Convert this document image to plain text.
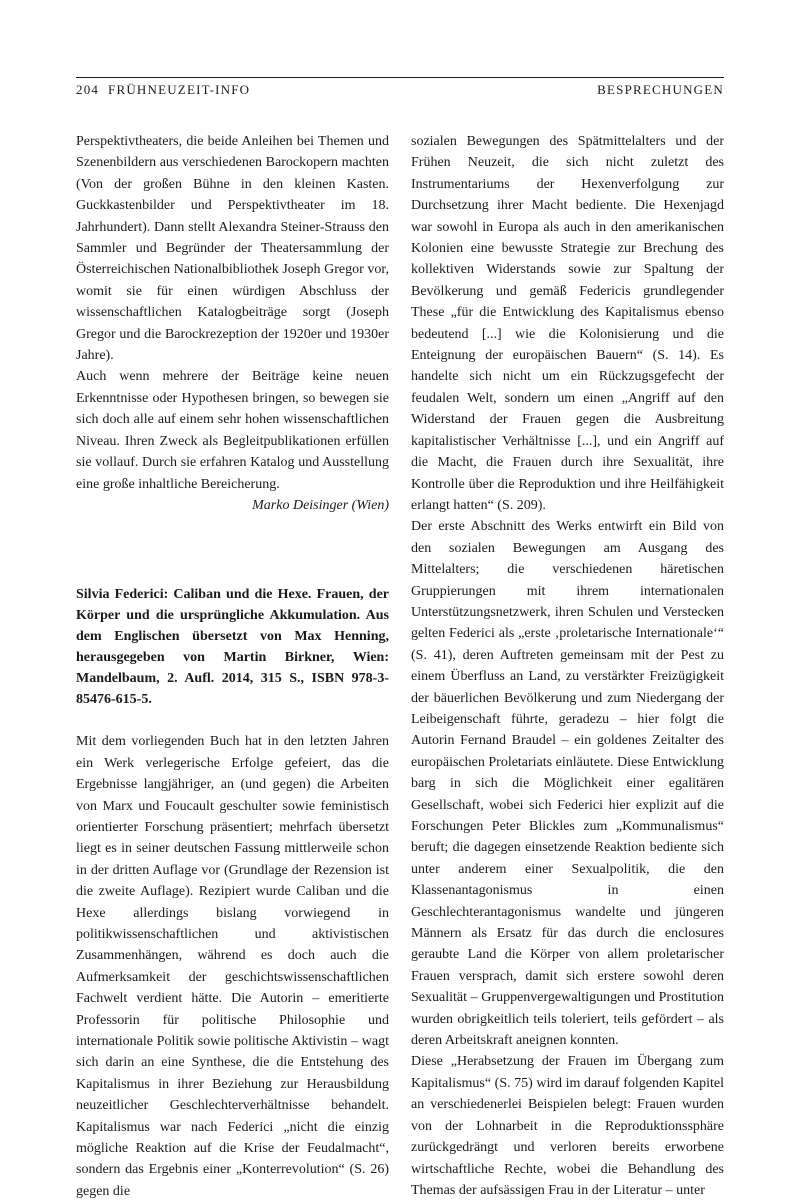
204 FRÜHNEUZEIT-INFO	BESPRECHUNGEN

Perspektivtheaters, die beide Anleihen bei Themen und Szenenbildern aus verschiedenen Barockopern machten (Von der großen Bühne in den kleinen Kasten. Guckkastenbilder und Perspektivtheater im 18. Jahrhundert). Dann stellt Alexandra Steiner-Strauss den Sammler und Begründer der Theatersammlung der Österreichischen Nationalbibliothek Joseph Gregor vor, womit sie für einen würdigen Abschluss der wissenschaftlichen Katalogbeiträge sorgt (Joseph Gregor und die Barockrezeption der 1920er und 1930er Jahre).

Auch wenn mehrere der Beiträge keine neuen Erkenntnisse oder Hypothesen bringen, so bewegen sie sich doch alle auf einem sehr hohen wissenschaftlichen Niveau. Ihren Zweck als Begleitpublikationen erfüllen sie vollauf. Durch sie erfahren Katalog und Ausstellung eine große inhaltliche Bereicherung.

Marko Deisinger (Wien)

Silvia Federici: Caliban und die Hexe. Frauen, der Körper und die ursprüngliche Akkumulation. Aus dem Englischen übersetzt von Max Henning, herausgegeben von Martin Birkner, Wien: Mandelbaum, 2. Aufl. 2014, 315 S., ISBN 978-3-85476-615-5.

Mit dem vorliegenden Buch hat in den letzten Jahren ein Werk verlegerische Erfolge gefeiert, das die Ergebnisse langjähriger, an (und gegen) die Arbeiten von Marx und Foucault geschulter sowie feministisch orientierter Forschung präsentiert; mehrfach übersetzt liegt es in seiner deutschen Fassung mittlerweile schon in der dritten Auflage vor (Grundlage der Rezension ist die zweite Auflage). Rezipiert wurde Caliban und die Hexe allerdings bislang vorwiegend in politikwissenschaftlichen und aktivistischen Zusammenhängen, während es doch auch die Aufmerksamkeit der geschichtswissenschaftlichen Fachwelt verdient hätte. Die Autorin – emeritierte Professorin für politische Philosophie und internationale Politik sowie politische Aktivistin – wagt sich darin an eine Synthese, die die Entstehung des Kapitalismus in ihrer Beziehung zur Herausbildung neuzeitlicher Geschlechterverhältnisse behandelt. Kapitalismus war nach Federici „nicht die einzig mögliche Reaktion auf die Krise der Feudalmacht“, sondern das Ergebnis einer „Konterrevolution“ (S. 26) gegen die

sozialen Bewegungen des Spätmittelalters und der Frühen Neuzeit, die sich nicht zuletzt des Instrumentariums der Hexenverfolgung zur Durchsetzung ihrer Macht bediente. Die Hexenjagd war sowohl in Europa als auch in den amerikanischen Kolonien eine bewusste Strategie zur Brechung des kollektiven Widerstands sowie zur Spaltung der Bevölkerung und gemäß Federicis grundlegender These „für die Entwicklung des Kapitalismus ebenso bedeutend [...] wie die Kolonisierung und die Enteignung der europäischen Bauern“ (S. 14). Es handelte sich nicht um ein Rückzugsgefecht der feudalen Welt, sondern um einen „Angriff auf den Widerstand der Frauen gegen die Ausbreitung kapitalistischer Verhältnisse [...], und ein Angriff auf die Macht, die Frauen durch ihre Sexualität, ihre Kontrolle über die Reproduktion und ihre Heilfähigkeit erlangt hatten“ (S. 209).

Der erste Abschnitt des Werks entwirft ein Bild von den sozialen Bewegungen am Ausgang des Mittelalters; die verschiedenen häretischen Gruppierungen mit ihrem internationalen Unterstützungsnetzwerk, ihren Schulen und Verstecken gelten Federici als „erste ‚proletarische Internationale‘“ (S. 41), deren Auftreten gemeinsam mit der Pest zu einem Überfluss an Land, zu verstärkter Freizügigkeit der bäuerlichen Bevölkerung und zum Niedergang der Leibeigenschaft führte, geradezu – hier folgt die Autorin Fernand Braudel – ein goldenes Zeitalter des europäischen Proletariats einläutete. Diese Entwicklung barg in sich die Möglichkeit einer egalitären Gesellschaft, wobei sich Federici hier explizit auf die Forschungen Peter Blickles zum „Kommunalismus“ beruft; die dagegen einsetzende Reaktion bediente sich unter anderem einer Sexualpolitik, die den Klassenantagonismus in einen Geschlechterantagonismus wandelte und jüngeren Männern als Ersatz für das durch die enclosures geraubte Land die Körper von allem proletarischer Frauen versprach, damit sich erstere sowohl deren Sexualität – Gruppenvergewaltigungen und Prostitution wurden obrigkeitlich teils toleriert, teils gefördert – als deren Arbeitskraft aneignen konnten.

Diese „Herabsetzung der Frauen im Übergang zum Kapitalismus“ (S. 75) wird im darauf folgenden Kapitel an verschiedenerlei Beispielen belegt: Frauen wurden von der Lohnarbeit in die Reproduktionssphäre zurückgedrängt und verloren bereits erworbene wirtschaftliche Rechte, wobei die Behandlung des Themas der aufsässigen Frau in der Literatur – unter
